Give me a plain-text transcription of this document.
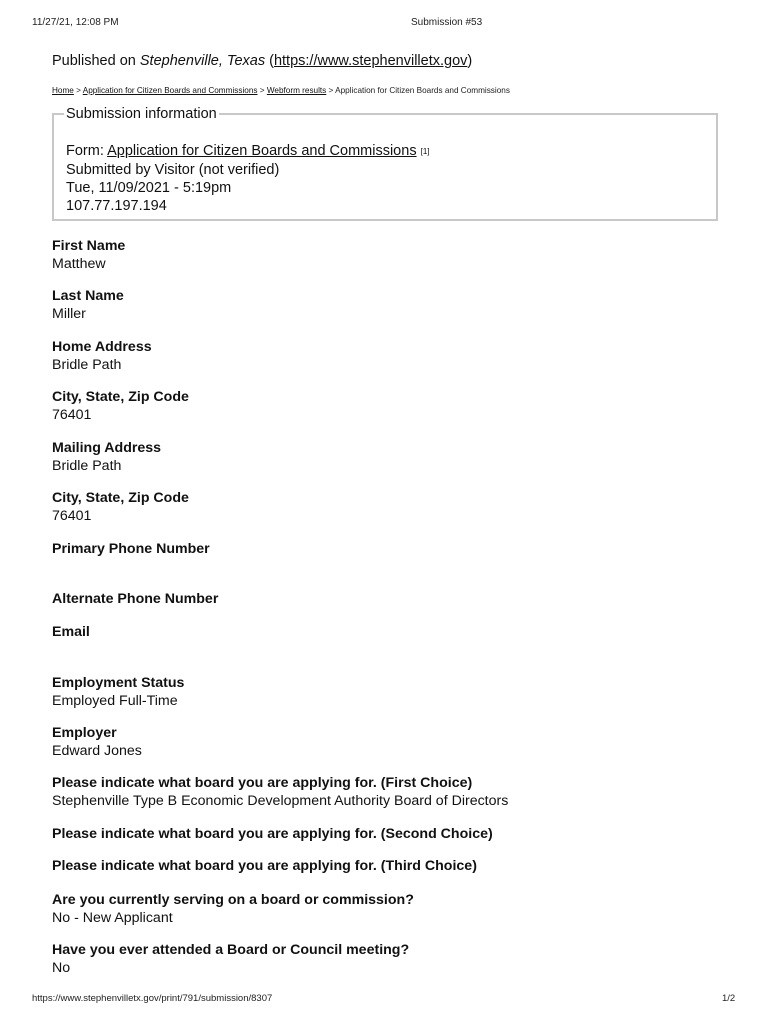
11/27/21, 12:08 PM	Submission #53
Published on Stephenville, Texas (https://www.stephenvilletx.gov)
Home > Application for Citizen Boards and Commissions > Webform results > Application for Citizen Boards and Commissions
Submission information
Form: Application for Citizen Boards and Commissions [1]
Submitted by Visitor (not verified)
Tue, 11/09/2021 - 5:19pm
107.77.197.194
First Name
Matthew
Last Name
Miller
Home Address
Bridle Path
City, State, Zip Code
76401
Mailing Address
Bridle Path
City, State, Zip Code
76401
Primary Phone Number
Alternate Phone Number
Email
Employment Status
Employed Full-Time
Employer
Edward Jones
Please indicate what board you are applying for. (First Choice)
Stephenville Type B Economic Development Authority Board of Directors
Please indicate what board you are applying for. (Second Choice)
Please indicate what board you are applying for. (Third Choice)
Are you currently serving on a board or commission?
No - New Applicant
Have you ever attended a Board or Council meeting?
No
https://www.stephenvilletx.gov/print/791/submission/8307	1/2
